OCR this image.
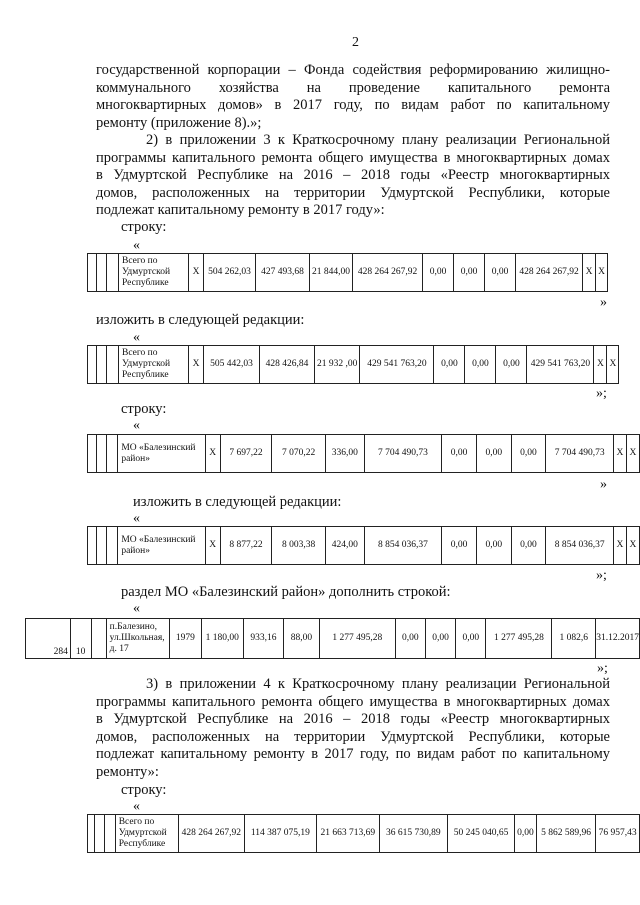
2
государственной корпорации – Фонда содействия реформированию жилищно-
коммунального хозяйства на проведение капитального ремонта
многоквартирных домов» в 2017 году, по видам работ по капитальному
ремонту (приложение 8).»;
2) в приложении 3 к Краткосрочному плану реализации Региональной
программы капитального ремонта общего имущества в многоквартирных домах
в Удмуртской Республике на 2016 – 2018 годы «Реестр многоквартирных
домов, расположенных на территории Удмуртской Республики, которые
подлежат капитальному ремонту в 2017 году»:
строку:
«
			Всего по Удмуртской Республике	X	504 262,03	427 493,68	21 844,00	428 264 267,92	0,00	0,00	0,00	428 264 267,92	X	X
»
изложить в следующей редакции:
«
			Всего по Удмуртской Республике	X	505 442,03	428 426,84	21 932 ,00	429 541 763,20	0,00	0,00	0,00	429 541 763,20	X	X
»;
строку:
«
			МО «Балезинский район»	X	7 697,22	7 070,22	336,00	7 704 490,73	0,00	0,00	0,00	7 704 490,73	X	X
»
изложить в следующей редакции:
«
			МО «Балезинский район»	X	8 877,22	8 003,38	424,00	8 854 036,37	0,00	0,00	0,00	8 854 036,37	X	X
»;
раздел МО «Балезинский район» дополнить строкой:
«
284	10		п.Балезино, ул.Школьная, д. 17	1979	1 180,00	933,16	88,00	1 277 495,28	0,00	0,00	0,00	1 277 495,28	1 082,6	31.12.2017
»;
3) в приложении 4 к Краткосрочному плану реализации Региональной
программы капитального ремонта общего имущества в многоквартирных домах
в Удмуртской Республике на 2016 – 2018 годы «Реестр многоквартирных
домов, расположенных на территории Удмуртской Республики, которые
подлежат капитальному ремонту в 2017 году, по видам работ по капитальному
ремонту»:
строку:
«
			Всего по Удмуртской Республике	428 264 267,92	114 387 075,19	21 663 713,69	36 615 730,89	50 245 040,65	0,00	5 862 589,96	76 957,43
